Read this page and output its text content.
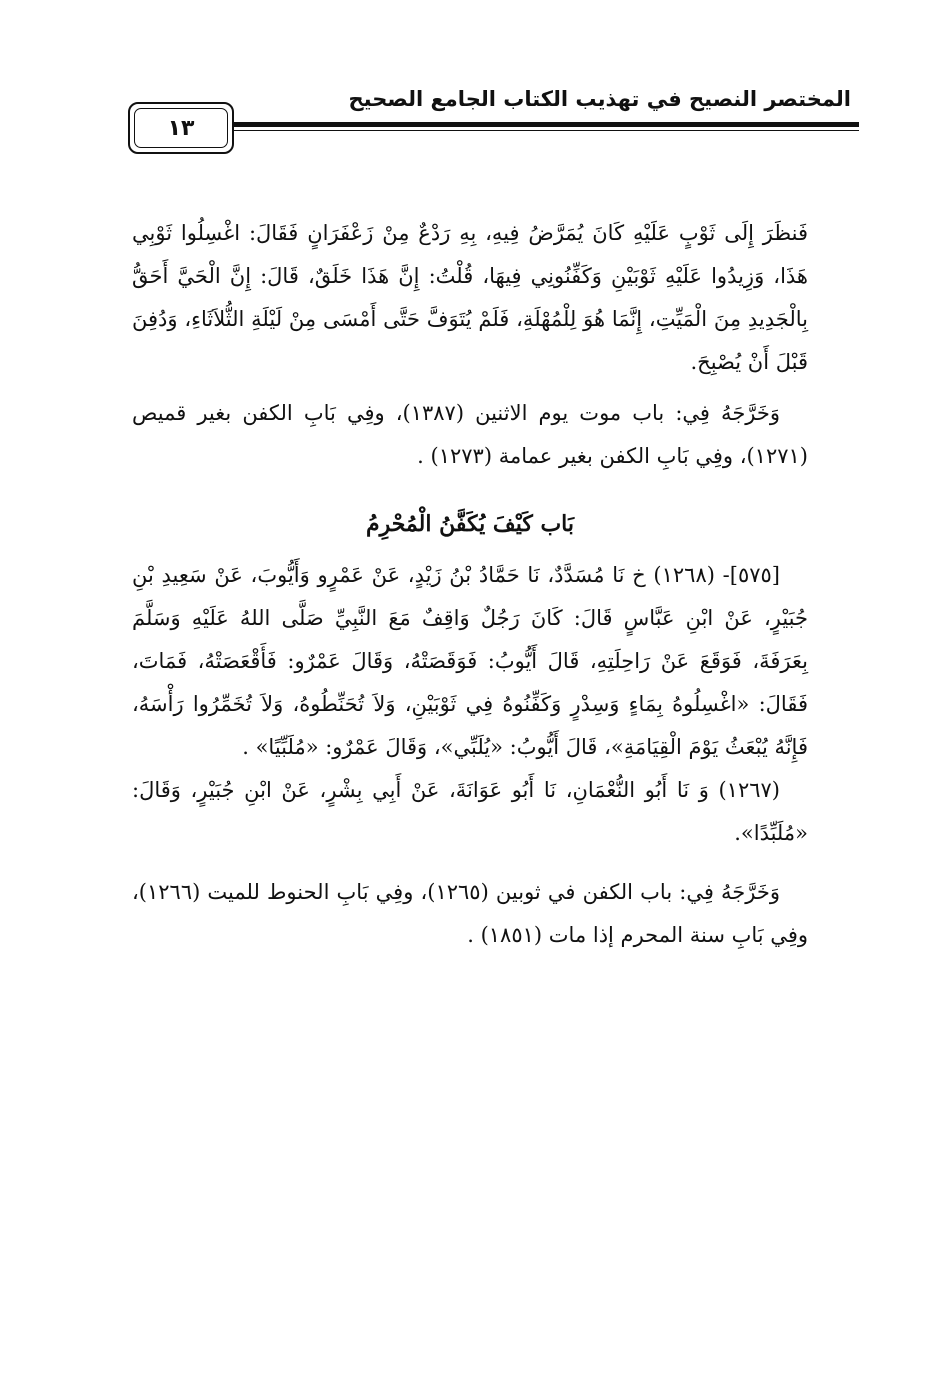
المختصر النصيح في تهذيب الكتاب الجامع الصحيح
١٣

فَنظَرَ إِلَى ثَوْبٍ عَلَيْهِ كَانَ يُمَرَّضُ فِيهِ، بِهِ رَدْعٌ مِنْ زَعْفَرَانٍ فَقَالَ: اغْسِلُوا ثَوْبِي هَذَا، وَزِيدُوا عَلَيْهِ ثَوْبَيْنِ وَكَفِّنُونِي فِيهَا، قُلْتُ: إِنَّ هَذَا خَلَقٌ، قَالَ: إِنَّ الْحَيَّ أَحَقُّ بِالْجَدِيدِ مِنَ الْمَيِّتِ، إِنَّمَا هُوَ لِلْمُهْلَةِ، فَلَمْ يُتَوَفَّ حَتَّى أَمْسَى مِنْ لَيْلَةِ الثُّلاَثَاءِ، وَدُفِنَ قَبْلَ أَنْ يُصْبِحَ.

وَخَرَّجَهُ فِي: باب موت يوم الاثنين (١٣٨٧)، وفِي بَابِ الكفن بغير قميص (١٢٧١)، وفِي بَابِ الكفن بغير عمامة (١٢٧٣) .

بَاب كَيْفَ يُكَفَّنُ الْمُحْرِمُ

[٥٧٥]- (١٢٦٨) خ نَا مُسَدَّدٌ، نَا حَمَّادُ بْنُ زَيْدٍ، عَنْ عَمْرٍو وَأَيُّوبَ، عَنْ سَعِيدِ بْنِ جُبَيْرٍ، عَنْ ابْنِ عَبَّاسٍ قَالَ: كَانَ رَجُلٌ وَاقِفٌ مَعَ النَّبِيِّ صَلَّى اللهُ عَلَيْهِ وَسَلَّمَ بِعَرَفَةَ، فَوَقَعَ عَنْ رَاحِلَتِهِ، قَالَ أَيُّوبُ: فَوَقَصَتْهُ، وَقَالَ عَمْرٌو: فَأَقْعَصَتْهُ، فَمَاتَ، فَقَالَ: «اغْسِلُوهُ بِمَاءٍ وَسِدْرٍ وَكَفِّنُوهُ فِي ثَوْبَيْنِ، وَلاَ تُحَنِّطُوهُ، وَلاَ تُخَمِّرُوا رَأْسَهُ، فَإِنَّهُ يُبْعَثُ يَوْمَ الْقِيَامَةِ»، قَالَ أَيُّوبُ: «يُلَبِّي»، وَقَالَ عَمْرٌو: «مُلَبِّيًا» .

(١٢٦٧) وَ نَا أَبُو النُّعْمَانِ، نَا أَبُو عَوَانَةَ، عَنْ أَبِي بِشْرٍ، عَنْ ابْنِ جُبَيْرٍ، وَقَالَ: «مُلَبِّدًا».

وَخَرَّجَهُ فِي: باب الكفن في ثوبين (١٢٦٥)، وفِي بَابِ الحنوط للميت (١٢٦٦)، وفِي بَابِ سنة المحرم إذا مات (١٨٥١) .
